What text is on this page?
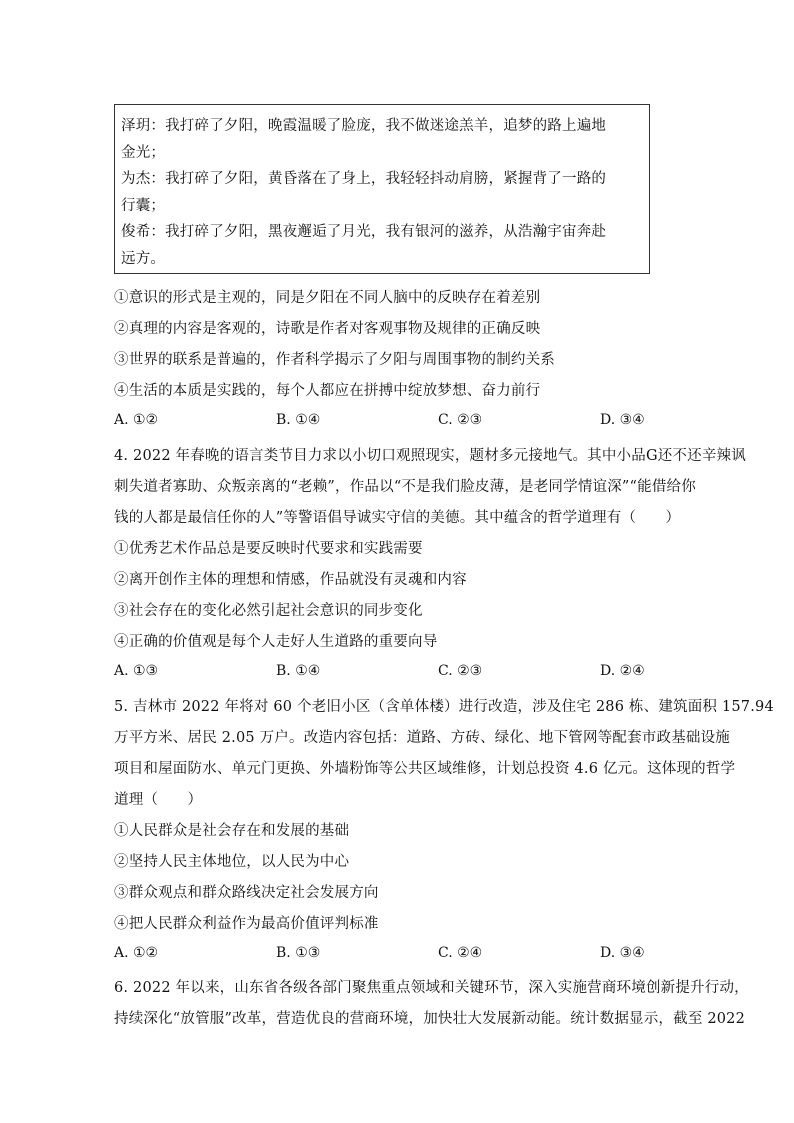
泽玥：我打碎了夕阳，晚霞温暖了脸庞，我不做迷途羔羊，追梦的路上遍地
金光；
为杰：我打碎了夕阳，黄昏落在了身上，我轻轻抖动肩膀，紧握背了一路的
行囊；
俊希：我打碎了夕阳，黑夜邂逅了月光，我有银河的滋养，从浩瀚宇宙奔赴
远方。
①意识的形式是主观的，同是夕阳在不同人脑中的反映存在着差别
②真理的内容是客观的，诗歌是作者对客观事物及规律的正确反映
③世界的联系是普遍的，作者科学揭示了夕阳与周围事物的制约关系
④生活的本质是实践的，每个人都应在拼搏中绽放梦想、奋力前行
A. ①②	B. ①④	C. ②③	D. ③④
4. 2022 年春晚的语言类节目力求以小切口观照现实，题材多元接地气。其中小品G还不还辛辣讽
刺失道者寡助、众叛亲离的“老赖”，作品以“不是我们脸皮薄，是老同学情谊深”“能借给你
钱的人都是最信任你的人”等警语倡导诚实守信的美德。其中蕴含的哲学道理有（　　）
①优秀艺术作品总是要反映时代要求和实践需要
②离开创作主体的理想和情感，作品就没有灵魂和内容
③社会存在的变化必然引起社会意识的同步变化
④正确的价值观是每个人走好人生道路的重要向导
A. ①③	B. ①④	C. ②③	D. ②④
5. 吉林市 2022 年将对 60 个老旧小区（含单体楼）进行改造，涉及住宅 286 栋、建筑面积 157.94
万平方米、居民 2.05 万户。改造内容包括：道路、方砖、绿化、地下管网等配套市政基础设施
项目和屋面防水、单元门更换、外墙粉饰等公共区域维修，计划总投资 4.6 亿元。这体现的哲学
道理（　　）
①人民群众是社会存在和发展的基础
②坚持人民主体地位，以人民为中心
③群众观点和群众路线决定社会发展方向
④把人民群众利益作为最高价值评判标准
A. ①②	B. ①③	C. ②④	D. ③④
6. 2022 年以来，山东省各级各部门聚焦重点领域和关键环节，深入实施营商环境创新提升行动，
持续深化“放管服”改革，营造优良的营商环境，加快壮大发展新动能。统计数据显示，截至 2022
